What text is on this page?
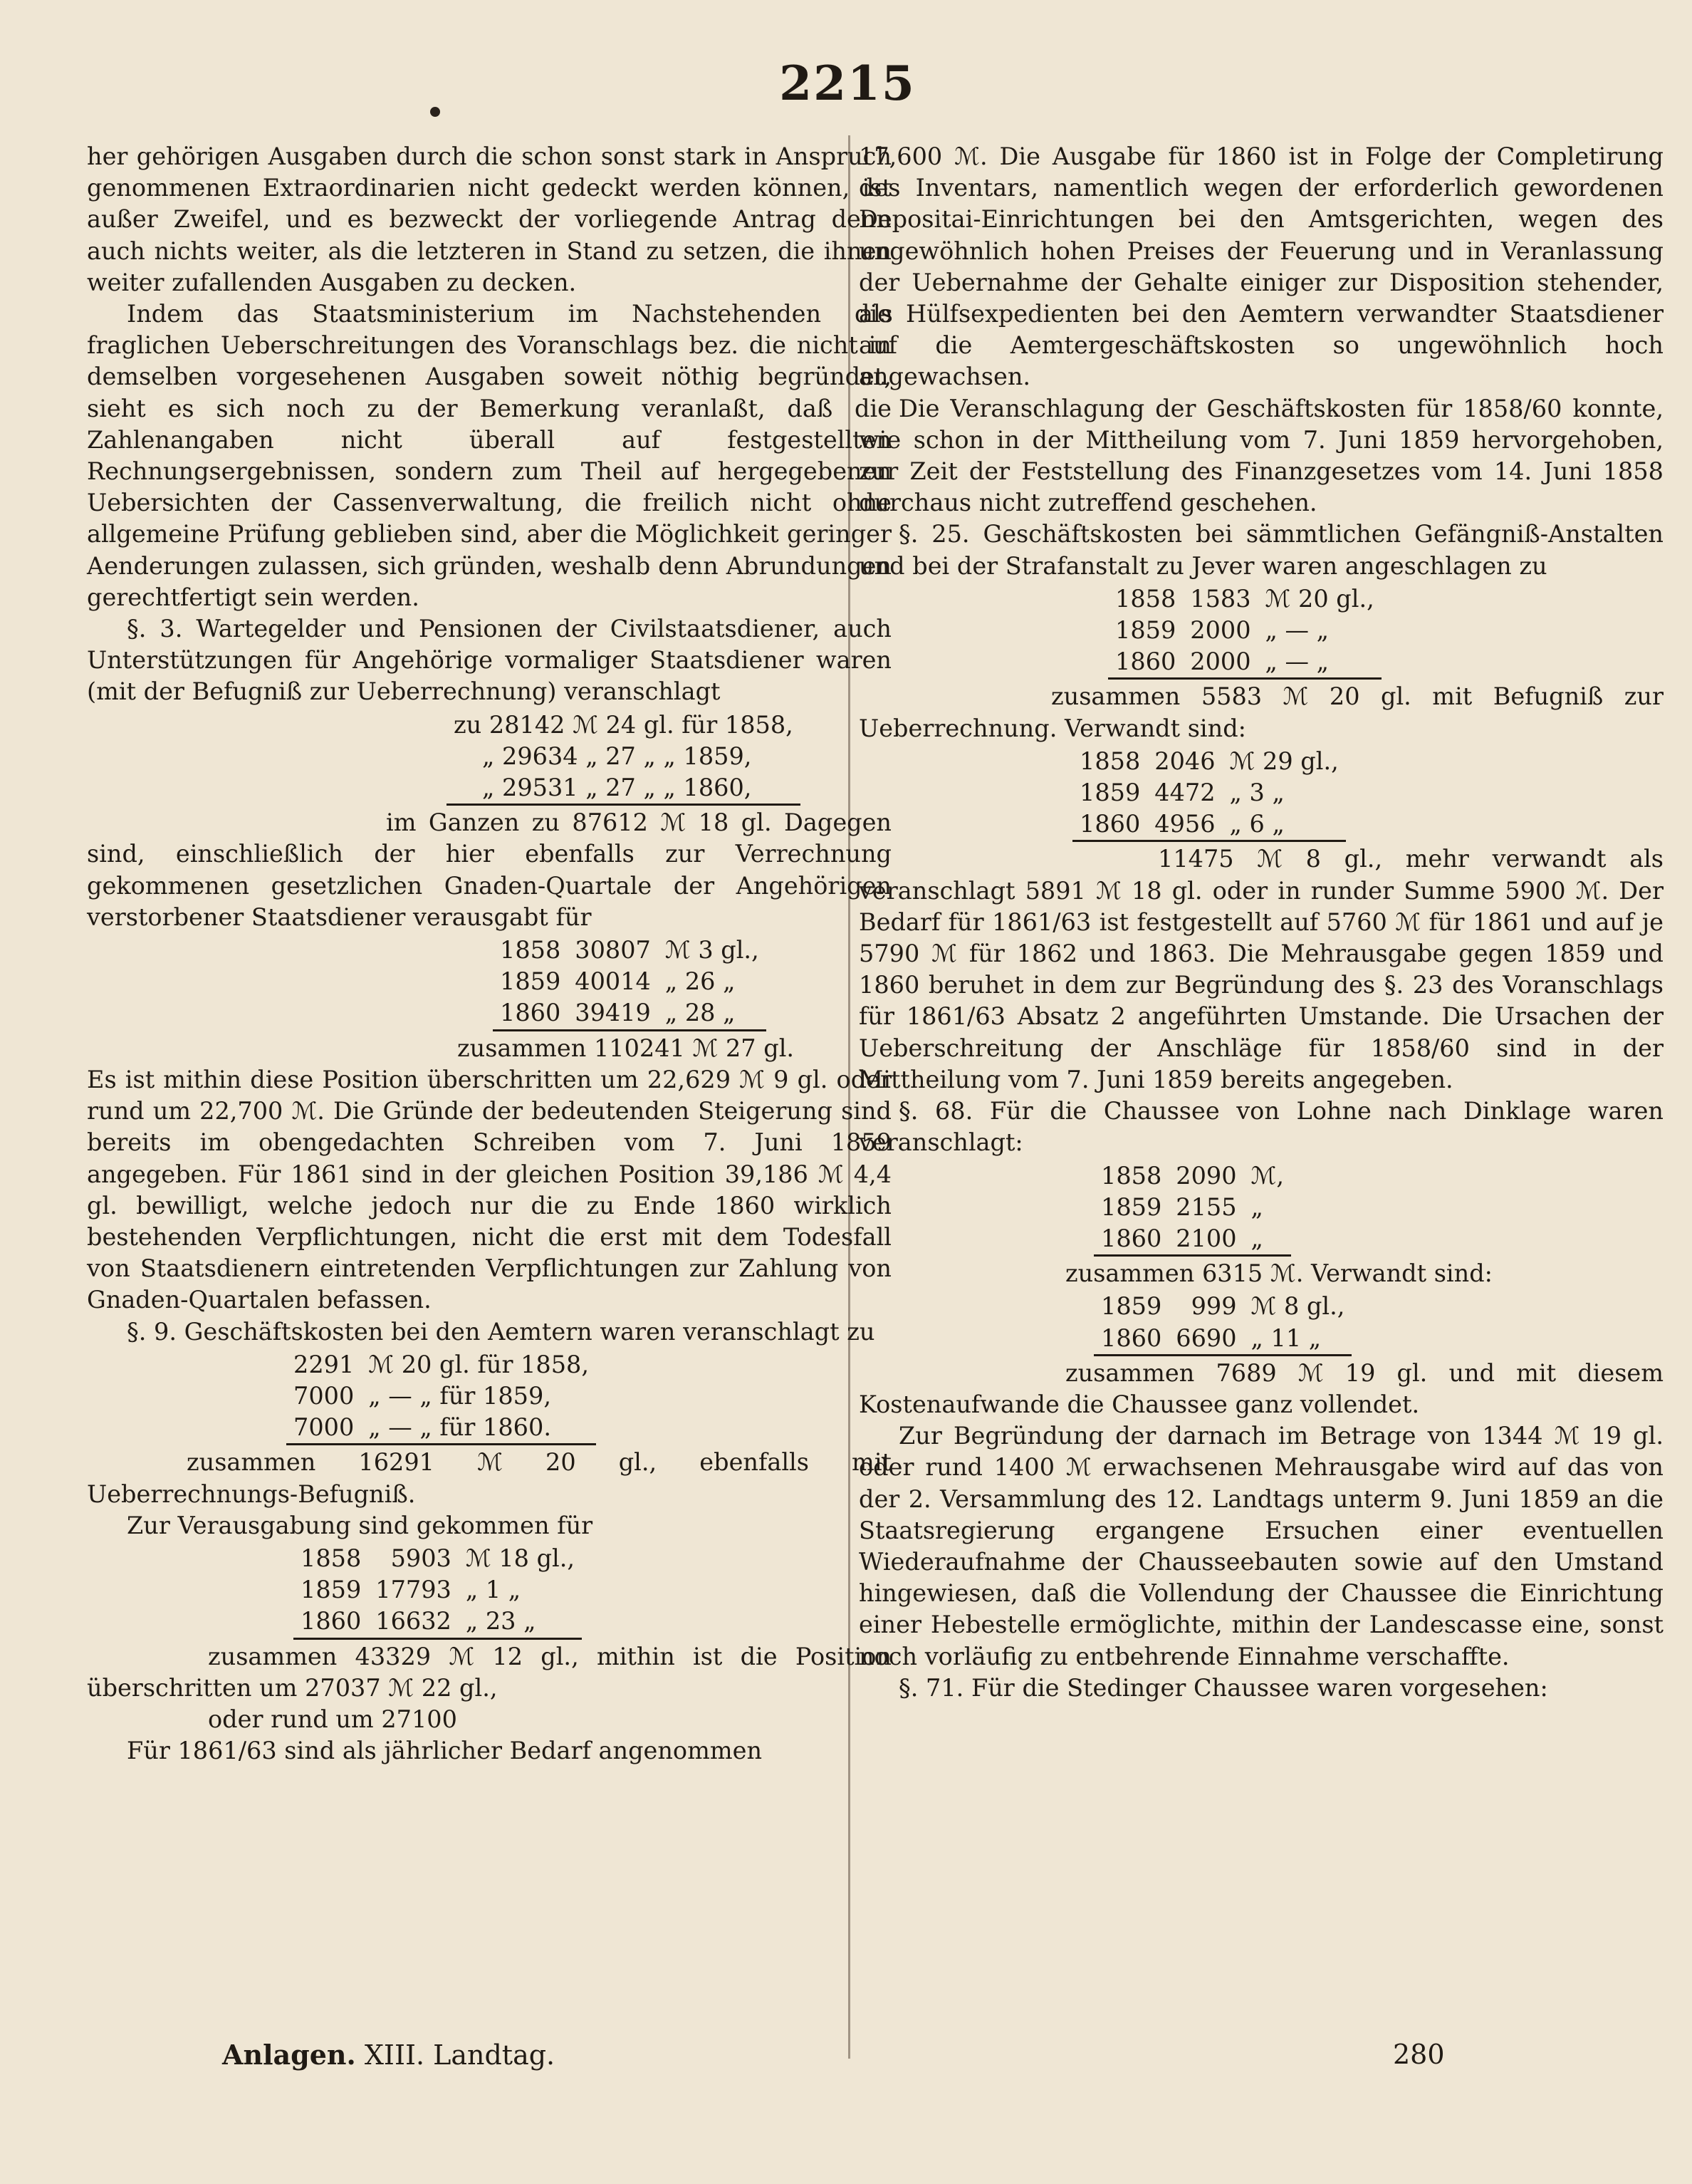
2215

her gehörigen Ausgaben durch die schon sonst stark in Anspruch genommenen Extraordinarien nicht gedeckt werden können, ist außer Zweifel, und es bezweckt der vorliegende Antrag denn auch nichts weiter, als die letzteren in Stand zu setzen, die ihnen weiter zufallenden Ausgaben zu decken.

Indem das Staatsministerium im Nachstehenden die fraglichen Ueberschreitungen des Voranschlags bez. die nicht in demselben vorgesehenen Ausgaben soweit nöthig begründet, sieht es sich noch zu der Bemerkung veranlaßt, daß die Zahlenangaben nicht überall auf festgestellten Rechnungsergebnissen, sondern zum Theil auf hergegebenen Uebersichten der Cassenverwaltung, die freilich nicht ohne allgemeine Prüfung geblieben sind, aber die Möglichkeit geringer Aenderungen zulassen, sich gründen, weshalb denn Abrundungen gerechtfertigt sein werden.

§. 3. Wartegelder und Pensionen der Civilstaatsdiener, auch Unterstützungen für Angehörige vormaliger Staatsdiener waren (mit der Befugniß zur Ueberrechnung) veranschlagt

zu 28142 ℳ 24 gl. für 1858,
„ 29634 „ 27 „ „ 1859,
„ 29531 „ 27 „ „ 1860,

im Ganzen zu 87612 ℳ 18 gl. Dagegen sind, einschließlich der hier ebenfalls zur Verrechnung gekommenen gesetzlichen Gnaden-Quartale der Angehörigen verstorbener Staatsdiener verausgabt für

1858	30807	ℳ 3 gl.,
1859	40014	„ 26 „
1860	39419	„ 28 „

zusammen 110241 ℳ 27 gl.

Es ist mithin diese Position überschritten um 22,629 ℳ 9 gl. oder rund um 22,700 ℳ. Die Gründe der bedeutenden Steigerung sind bereits im obengedachten Schreiben vom 7. Juni 1859 angegeben. Für 1861 sind in der gleichen Position 39,186 ℳ 4,4 gl. bewilligt, welche jedoch nur die zu Ende 1860 wirklich bestehenden Verpflichtungen, nicht die erst mit dem Todesfall von Staatsdienern eintretenden Verpflichtungen zur Zahlung von Gnaden-Quartalen befassen.

§. 9. Geschäftskosten bei den Aemtern waren veranschlagt zu

2291	ℳ 20 gl. für 1858,
7000	„ — „ für 1859,
7000	„ — „ für 1860.

zusammen 16291 ℳ 20 gl., ebenfalls mit Ueberrechnungs-Befugniß.

Zur Verausgabung sind gekommen für

1858	5903	ℳ 18 gl.,
1859	17793	„ 1 „
1860	16632	„ 23 „

zusammen 43329 ℳ 12 gl., mithin ist die Position überschritten um 27037 ℳ 22 gl.,

oder rund um 27100

Für 1861/63 sind als jährlicher Bedarf angenommen

17,600 ℳ. Die Ausgabe für 1860 ist in Folge der Completirung des Inventars, namentlich wegen der erforderlich gewordenen Depositai-Einrichtungen bei den Amtsgerichten, wegen des ungewöhnlich hohen Preises der Feuerung und in Veranlassung der Uebernahme der Gehalte einiger zur Disposition stehender, als Hülfsexpedienten bei den Aemtern verwandter Staatsdiener auf die Aemtergeschäftskosten so ungewöhnlich hoch angewachsen.

Die Veranschlagung der Geschäftskosten für 1858/60 konnte, wie schon in der Mittheilung vom 7. Juni 1859 hervorgehoben, zur Zeit der Feststellung des Finanzgesetzes vom 14. Juni 1858 durchaus nicht zutreffend geschehen.

§. 25. Geschäftskosten bei sämmtlichen Gefängniß-Anstalten und bei der Strafanstalt zu Jever waren angeschlagen zu

1858	1583	ℳ 20 gl.,
1859	2000	„ — „
1860	2000	„ — „

zusammen 5583 ℳ 20 gl. mit Befugniß zur Ueberrechnung. Verwandt sind:

1858	2046	ℳ 29 gl.,
1859	4472	„ 3 „
1860	4956	„ 6 „

11475 ℳ 8 gl., mehr verwandt als veranschlagt 5891 ℳ 18 gl. oder in runder Summe 5900 ℳ. Der Bedarf für 1861/63 ist festgestellt auf 5760 ℳ für 1861 und auf je 5790 ℳ für 1862 und 1863. Die Mehrausgabe gegen 1859 und 1860 beruhet in dem zur Begründung des §. 23 des Voranschlags für 1861/63 Absatz 2 angeführten Umstande. Die Ursachen der Ueberschreitung der Anschläge für 1858/60 sind in der Mittheilung vom 7. Juni 1859 bereits angegeben.

§. 68. Für die Chaussee von Lohne nach Dinklage waren veranschlagt:

1858	2090	ℳ,
1859	2155	„
1860	2100	„

zusammen 6315 ℳ. Verwandt sind:

1859	999	ℳ 8 gl.,
1860	6690	„ 11 „

zusammen 7689 ℳ 19 gl. und mit diesem Kostenaufwande die Chaussee ganz vollendet.

Zur Begründung der darnach im Betrage von 1344 ℳ 19 gl. oder rund 1400 ℳ erwachsenen Mehrausgabe wird auf das von der 2. Versammlung des 12. Landtags unterm 9. Juni 1859 an die Staatsregierung ergangene Ersuchen einer eventuellen Wiederaufnahme der Chausseebauten sowie auf den Umstand hingewiesen, daß die Vollendung der Chaussee die Einrichtung einer Hebestelle ermöglichte, mithin der Landescasse eine, sonst noch vorläufig zu entbehrende Einnahme verschaffte.

§. 71. Für die Stedinger Chaussee waren vorgesehen:

Anlagen. XIII. Landtag.	280
